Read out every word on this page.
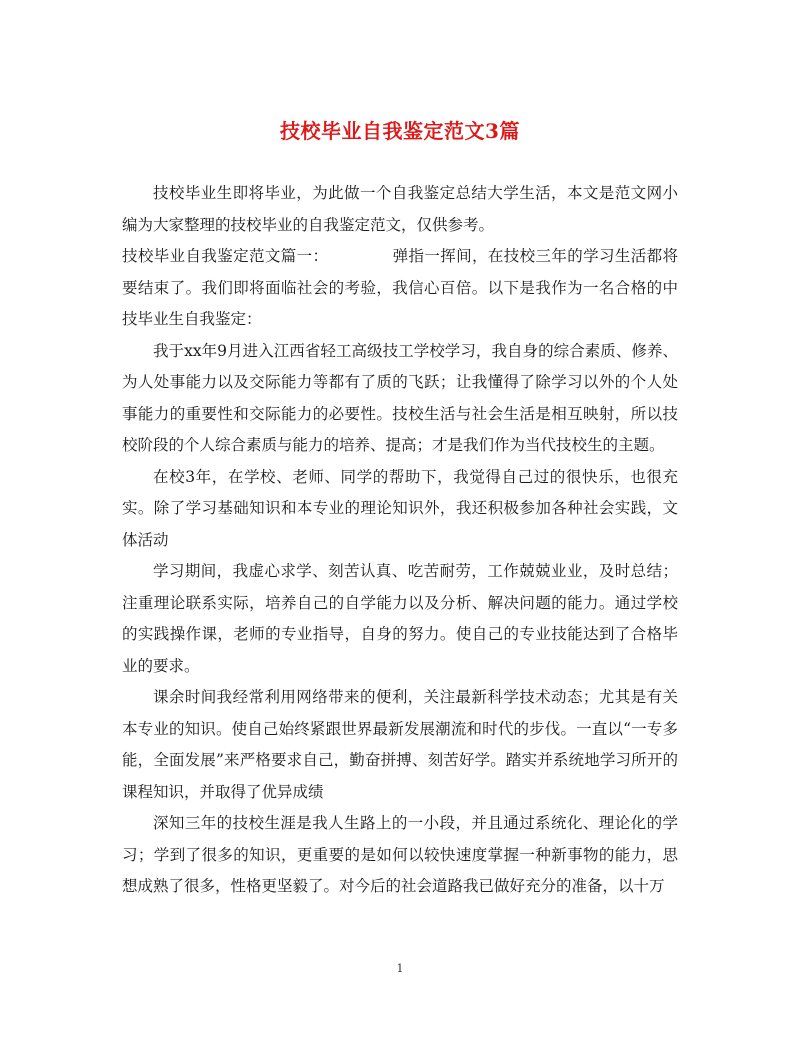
技校毕业自我鉴定范文3篇

技校毕业生即将毕业，为此做一个自我鉴定总结大学生活，本文是范文网小编为大家整理的技校毕业的自我鉴定范文，仅供参考。

技校毕业自我鉴定范文篇一：	弹指一挥间，在技校三年的学习生活都将要结束了。我们即将面临社会的考验，我信心百倍。以下是我作为一名合格的中技毕业生自我鉴定：

我于xx年9月进入江西省轻工高级技工学校学习，我自身的综合素质、修养、为人处事能力以及交际能力等都有了质的飞跃；让我懂得了除学习以外的个人处事能力的重要性和交际能力的必要性。技校生活与社会生活是相互映射，所以技校阶段的个人综合素质与能力的培养、提高；才是我们作为当代技校生的主题。

在校3年，在学校、老师、同学的帮助下，我觉得自己过的很快乐，也很充实。除了学习基础知识和本专业的理论知识外，我还积极参加各种社会实践，文体活动

学习期间，我虚心求学、刻苦认真、吃苦耐劳，工作兢兢业业，及时总结；注重理论联系实际，培养自己的自学能力以及分析、解决问题的能力。通过学校的实践操作课，老师的专业指导，自身的努力。使自己的专业技能达到了合格毕业的要求。

课余时间我经常利用网络带来的便利，关注最新科学技术动态；尤其是有关本专业的知识。使自己始终紧跟世界最新发展潮流和时代的步伐。一直以“一专多能，全面发展”来严格要求自己，勤奋拼搏、刻苦好学。踏实并系统地学习所开的课程知识，并取得了优异成绩

深知三年的技校生涯是我人生路上的一小段，并且通过系统化、理论化的学习；学到了很多的知识，更重要的是如何以较快速度掌握一种新事物的能力，思想成熟了很多，性格更坚毅了。对今后的社会道路我已做好充分的准备，以十万

1
